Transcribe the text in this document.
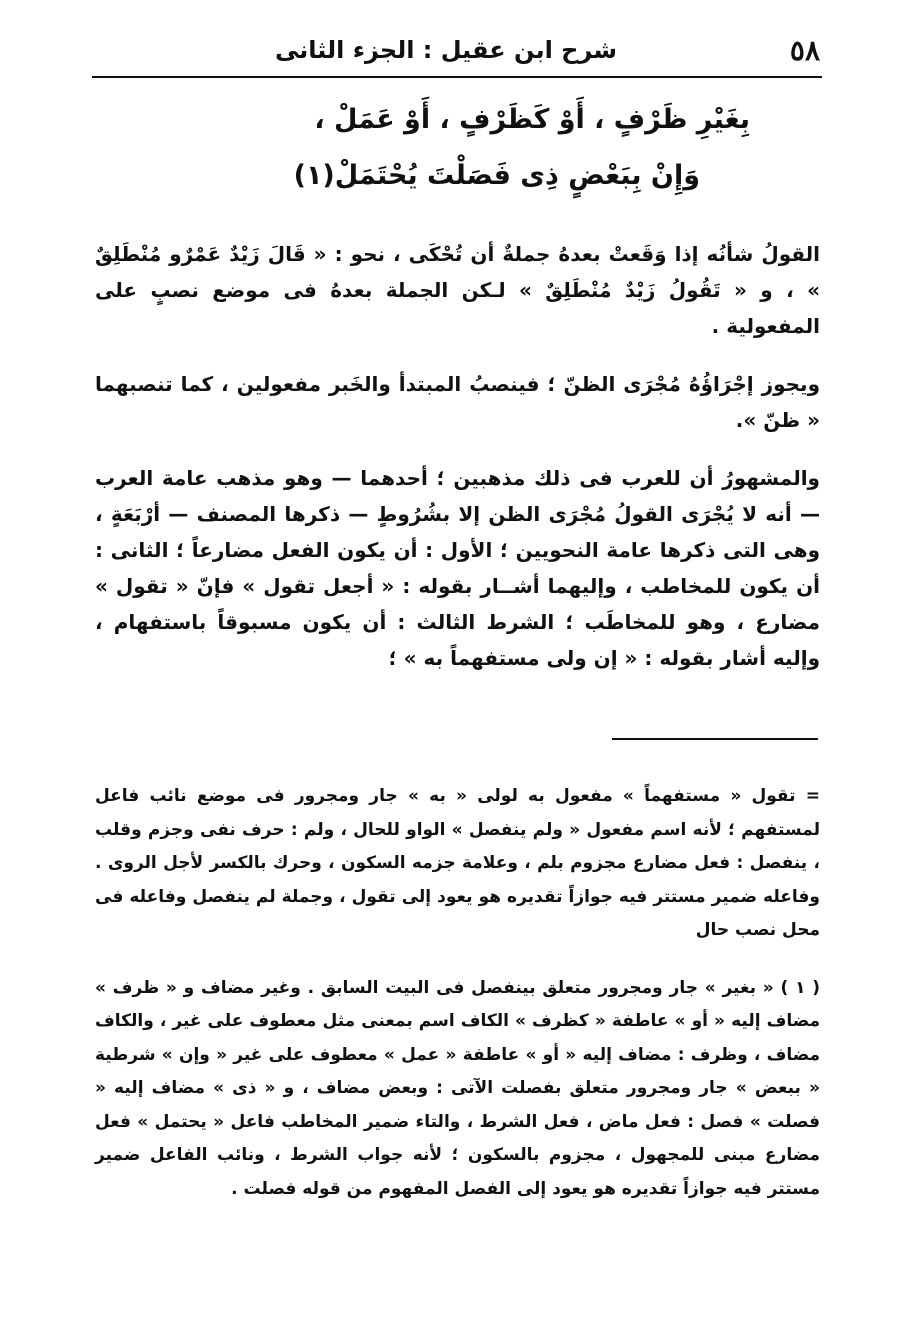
٥٨
شرح ابن عقيل : الجزء الثانى
بِغَيْرِ ظَرْفٍ ، أَوْ كَظَرْفٍ ، أَوْ عَمَلْ ،
وَإِنْ بِبَعْضٍ ذِى فَصَلْتَ يُحْتَمَلْ(١)

القولُ شأنُه إذا وَقَعتْ بعدهُ جملةٌ أن تُحْكَى ، نحو : « قَالَ زَيْدٌ عَمْرٌو مُنْطَلِقٌ » ، و « تَقُولُ زَيْدٌ مُنْطَلِقٌ » لـكن الجملة بعدهُ فى موضع نصبٍ على المفعولية .

ويجوز إجْرَاؤُهُ مُجْرَى الظنّ ؛ فينصبُ المبتدأ والخَبر مفعولين ، كما تنصبهما « ظنّ ».

والمشهورُ أن للعرب فى ذلك مذهبين ؛ أحدهما — وهو مذهب عامة العرب — أنه لا يُجْرَى القولُ مُجْرَى الظن إلا بشُرُوطٍ — ذكرها المصنف — أرْبَعَةٍ ، وهى التى ذكرها عامة النحويين ؛ الأول : أن يكون الفعل مضارعاً ؛ الثانى : أن يكون للمخاطب ، وإليهما أشــار بقوله : « أجعل تقول » فإنّ « تقول » مضارع ، وهو للمخاطَب ؛ الشرط الثالث : أن يكون مسبوقاً باستفهام ، وإليه أشار بقوله : « إن ولى مستفهماً به » ؛

= تقول « مستفهماً » مفعول به لولى « به » جار ومجرور فى موضع نائب فاعل لمستفهم ؛ لأنه اسم مفعول « ولم ينفصل » الواو للحال ، ولم : حرف نفى وجزم وقلب ، ينفصل : فعل مضارع مجزوم بلم ، وعلامة جزمه السكون ، وحرك بالكسر لأجل الروى . وفاعله ضمير مستتر فيه جوازاً تقديره هو يعود إلى تقول ، وجملة لم ينفصل وفاعله فى محل نصب حال

( ١ ) « بغير » جار ومجرور متعلق بينفصل فى البيت السابق . وغير مضاف و « ظرف » مضاف إليه « أو » عاطفة « كظرف » الكاف اسم بمعنى مثل معطوف على غير ، والكاف مضاف ، وظرف : مضاف إليه « أو » عاطفة « عمل » معطوف على غير « وإن » شرطية « ببعض » جار ومجرور متعلق بفصلت الآتى : وبعض مضاف ، و « ذى » مضاف إليه « فصلت » فصل : فعل ماض ، فعل الشرط ، والتاء ضمير المخاطب فاعل « يحتمل » فعل مضارع مبنى للمجهول ، مجزوم بالسكون ؛ لأنه جواب الشرط ، ونائب الفاعل ضمير مستتر فيه جوازاً تقديره هو يعود إلى الفصل المفهوم من قوله فصلت .
